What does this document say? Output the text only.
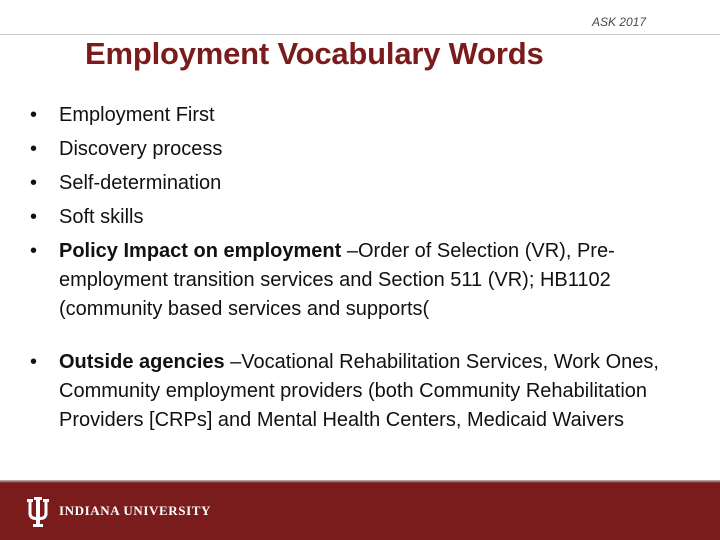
ASK 2017
Employment Vocabulary Words
• Employment First
• Discovery process
• Self-determination
• Soft skills
• Policy Impact on employment –Order of Selection (VR), Pre-employment transition services and Section 511 (VR); HB1102 (community based services and supports(
• Outside agencies –Vocational Rehabilitation Services, Work Ones, Community employment providers (both Community Rehabilitation Providers [CRPs] and Mental Health Centers, Medicaid Waivers
INDIANA UNIVERSITY
